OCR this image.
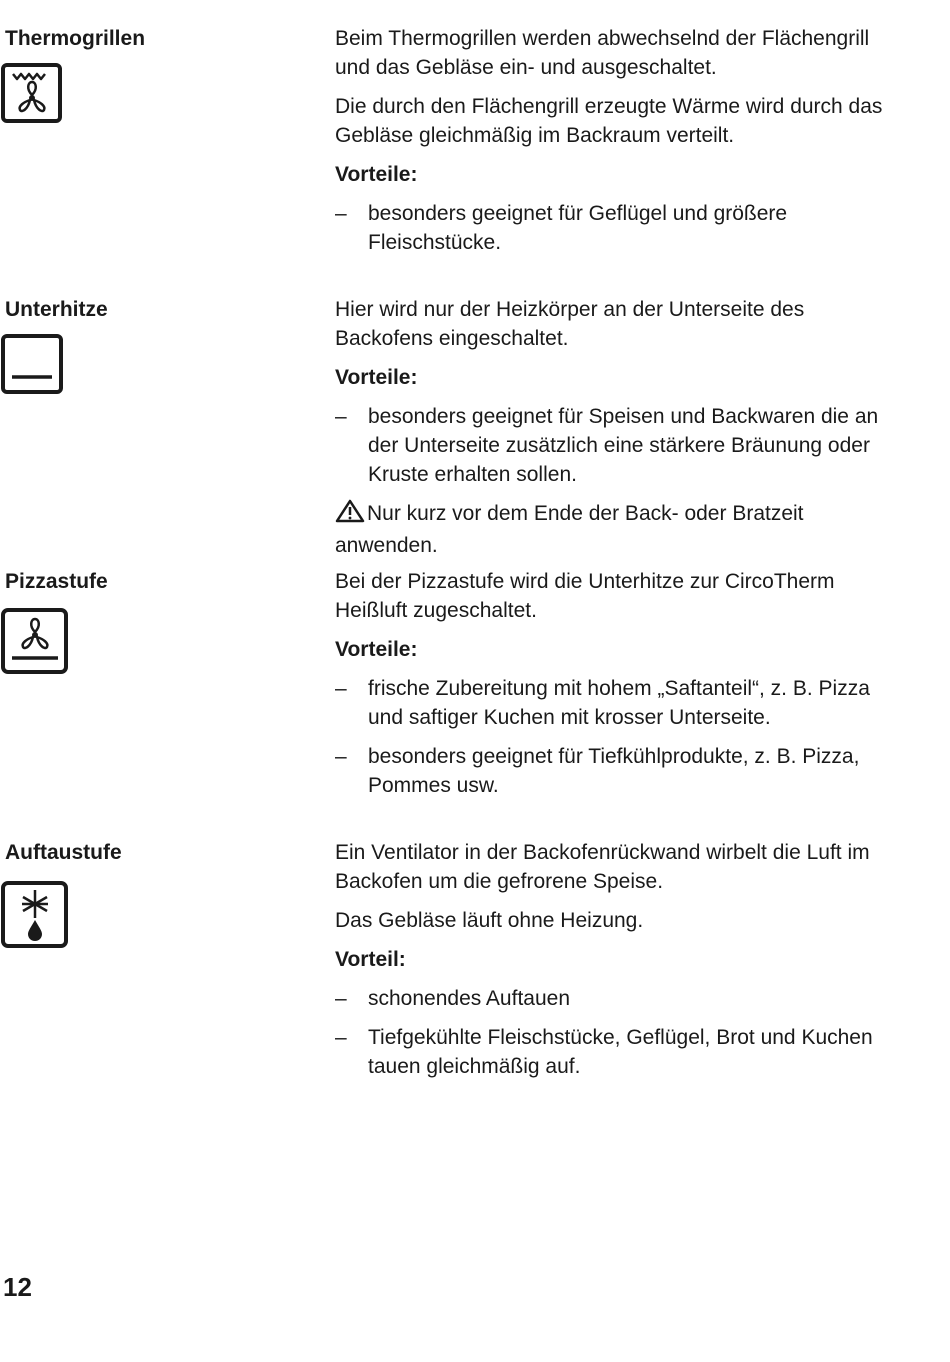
Thermogrillen	Beim Thermogrillen werden abwechselnd der Flächengrill und das Gebläse ein- und ausgeschaltet.

Die durch den Flächengrill erzeugte Wärme wird durch das Gebläse gleichmäßig im Backraum verteilt.

Vorteile:

– besonders geeignet für Geflügel und größere Fleischstücke.
Unterhitze	Hier wird nur der Heizkörper an der Unterseite des Backofens eingeschaltet.

Vorteile:

– besonders geeignet für Speisen und Backwaren die an der Unterseite zusätzlich eine stärkere Bräunung oder Kruste erhalten sollen.

Nur kurz vor dem Ende der Back- oder Bratzeit anwenden.

Pizzastufe	Bei der Pizzastufe wird die Unterhitze zur CircoTherm Heißluft zugeschaltet.

Vorteile:

– frische Zubereitung mit hohem „Saftanteil“, z. B. Pizza und saftiger Kuchen mit krosser Unterseite.
– besonders geeignet für Tiefkühlprodukte, z. B. Pizza, Pommes usw.
Auftaustufe	Ein Ventilator in der Backofenrückwand wirbelt die Luft im Backofen um die gefrorene Speise.

Das Gebläse läuft ohne Heizung.

Vorteil:

– schonendes Auftauen
– Tiefgekühlte Fleischstücke, Geflügel, Brot und Kuchen tauen gleichmäßig auf.
12
